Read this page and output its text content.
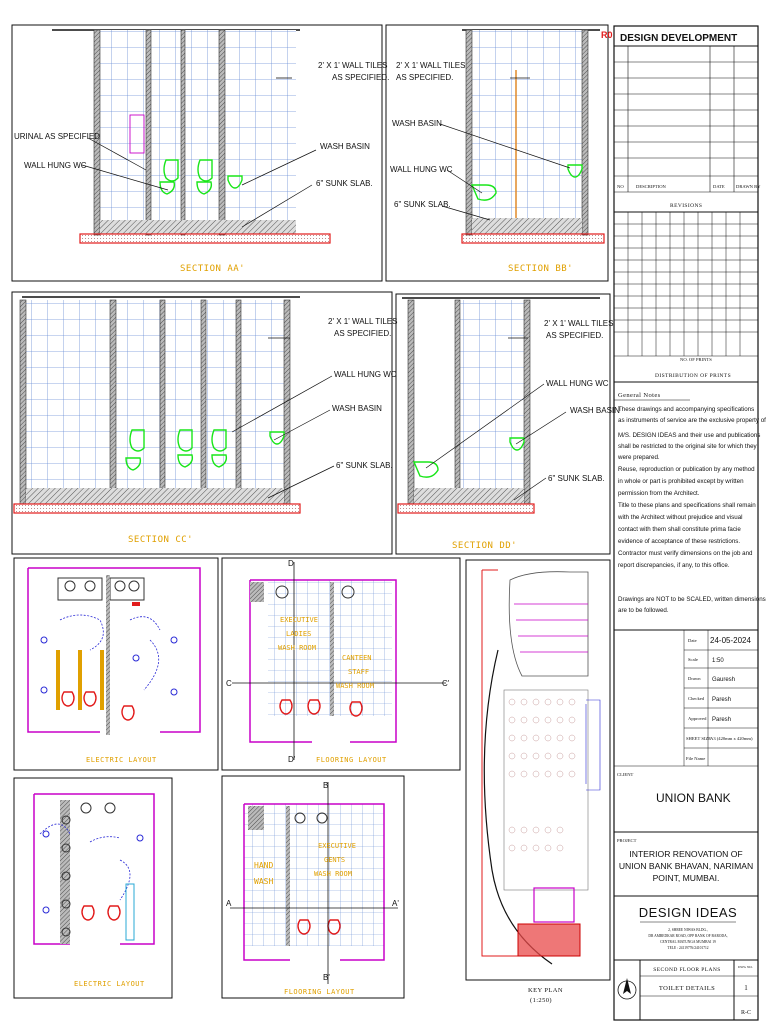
SECTION AA'
2' X 1' WALL TILES
AS SPECIFIED.
URINAL AS SPECIFIED
WALL HUNG WC
WASH BASIN
6" SUNK SLAB.
SECTION BB'
2' X 1' WALL TILES
AS SPECIFIED.
WASH BASIN
WALL HUNG WC
6" SUNK SLAB.
SECTION CC'
2' X 1' WALL TILES
AS SPECIFIED.
WALL HUNG WC
WASH BASIN
6" SUNK SLAB.
SECTION DD'
2' X 1' WALL TILES
AS SPECIFIED.
WALL HUNG WC
WASH BASIN
6" SUNK SLAB.
ELECTRIC LAYOUT
D
C	C'
D'
EXECUTIVE
LADIES
WASH ROOM
CANTEEN
STAFF
WASH ROOM
FLOORING LAYOUT
ELECTRIC LAYOUT
B
A	A'
B'
HAND
WASH
EXECUTIVE
GENTS
WASH ROOM
FLOORING LAYOUT	KEY PLAN
(1:250)
R0 DESIGN DEVELOPMENT
NO	DESCRIPTION	DATE DRAWN BY
REVISIONS
NO. OF PRINTS
DISTRIBUTION OF PRINTS
General Notes
These drawings and accompanying specifications
as instruments of service are the exclusive property of
M/S. DESIGN IDEAS and their use and publications
shall be restricted to the original site for which they
were prepared.
Reuse, reproduction or publication by any method
in whole or part is prohibited except by written
permission from the Architect.
Title to these plans and specifications shall remain
with the Architect without prejudice and visual
contact with them shall constitute prima facie
evidence of acceptance of these restrictions.
Contractor must verify dimensions on the job and
report discrepancies, if any, to this office.
Drawings are NOT to be SCALED, written dimensions
are to be followed.
Date 24-05-2024
Scale 1:50
Drawn Gauresh
Checked Paresh
Approved Paresh
SHEET SIZE
A3 (420mm x 420mm)
File Name
CLIENT
UNION BANK
PROJECT
INTERIOR RENOVATION OF
UNION BANK BHAVAN, NARIMAN
POINT, MUMBAI.
DESIGN IDEAS
2, SHREE NIWAS BLDG.,
DR AMBEDKAR ROAD, OPP BANK OF BARODA,
CENTRAL MATUNGA MUMBAI 19
TELE : 24119776/24101712
SECOND FLOOR PLANS
TOILET DETAILS
DWG NO.
1
R-C
